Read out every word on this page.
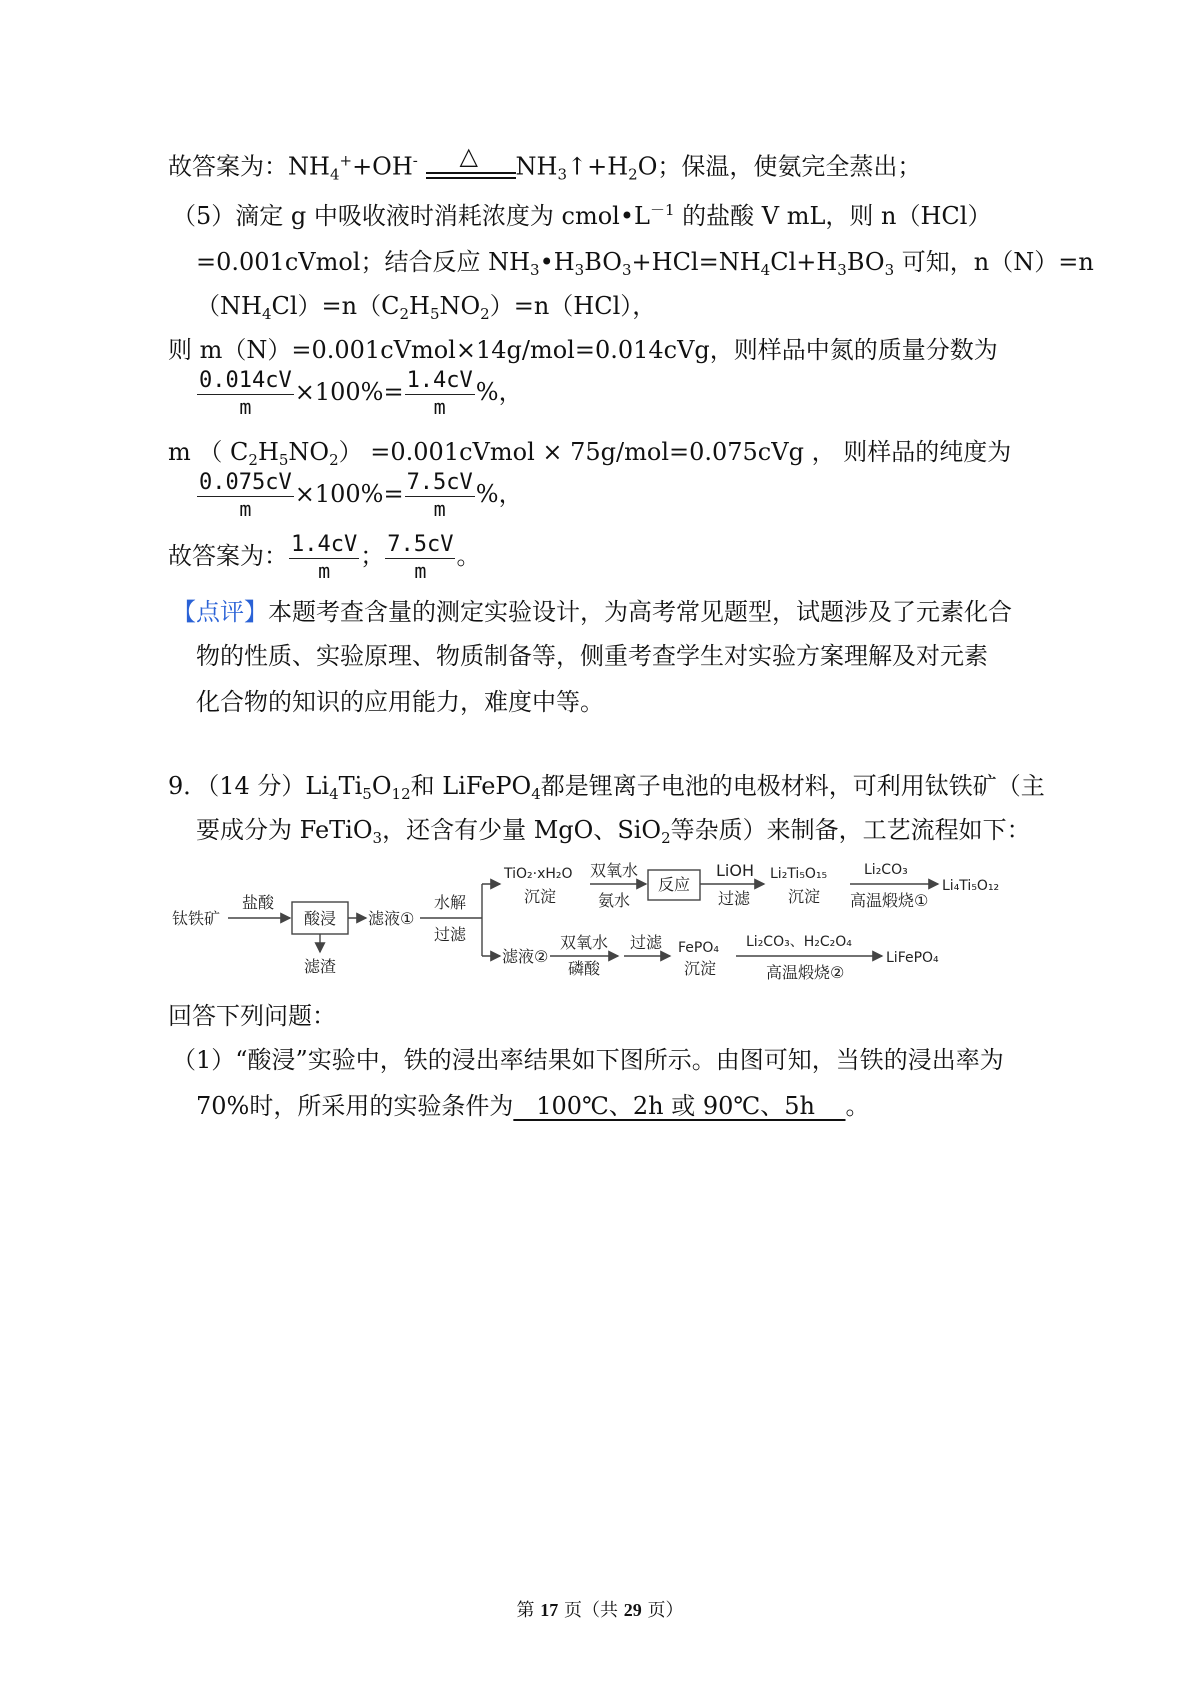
故答案为：$NH_4^++OH^-$ △ $NH_3↑+H_2O$；保温，使氨完全蒸出；
（5）滴定 g 中吸收液时消耗浓度为 $cmol•L^{-1}$ 的盐酸 V mL，则 n（HCl）
=0.001cVmol；结合反应 $NH_3•H_3BO_3+HCl=NH_4Cl+H_3BO_3$ 可知，n（N）=n
$(NH_4Cl)=n(C_2H_5NO_2)=n(HCl)$，
则 m（N）=0.001cVmol×14g/mol=0.014cVg，则样品中氮的质量分数为
$\frac{0.014cV}{m} \times 100\%= \frac{1.4cV}{m}$ %，
m （ $C_2H_5NO_2$） =0.001cVmol × 75g/mol=0.075cVg ， 则样品的纯度为
$\frac{0.075cV}{m} \times 100\%= \frac{7.5cV}{m}$ %，
故答案为： $\frac{1.4cV}{m}$ ； $\frac{7.5cV}{m}$ 。
【点评】本题考查含量的测定实验设计，为高考常见题型，试题涉及了元素化合
物的性质、实验原理、物质制备等，侧重考查学生对实验方案理解及对元素
化合物的知识的应用能力，难度中等。
9．（14 分）$Li_4Ti_5O_{12}$和 LiFePO$_4$都是锂离子电池的电极材料，可利用钛铁矿（主
要成分为 FeTiO$_3$，还含有少量 MgO、SiO$_2$等杂质）来制备，工艺流程如下：
钛铁矿
盐酸
酸浸
滤渣
滤液①
水解
过滤
TiO₂·xH₂O
沉淀
双氧水
氨水
反应
LiOH
过滤
Li₂Ti₅O₁₅
沉淀
Li₂CO₃
高温煅烧①
Li₄Ti₅O₁₂
滤液②
双氧水
磷酸
过滤 FePO₄
沉淀
Li₂CO₃、H₂C₂O₄
高温煅烧②
LiFePO₄
回答下列问题：
（1）“酸浸”实验中，铁的浸出率结果如下图所示。由图可知，当铁的浸出率为
70%时，所采用的实验条件为   100℃、2h 或 90℃、5h    。
第 17 页（共 29 页）
